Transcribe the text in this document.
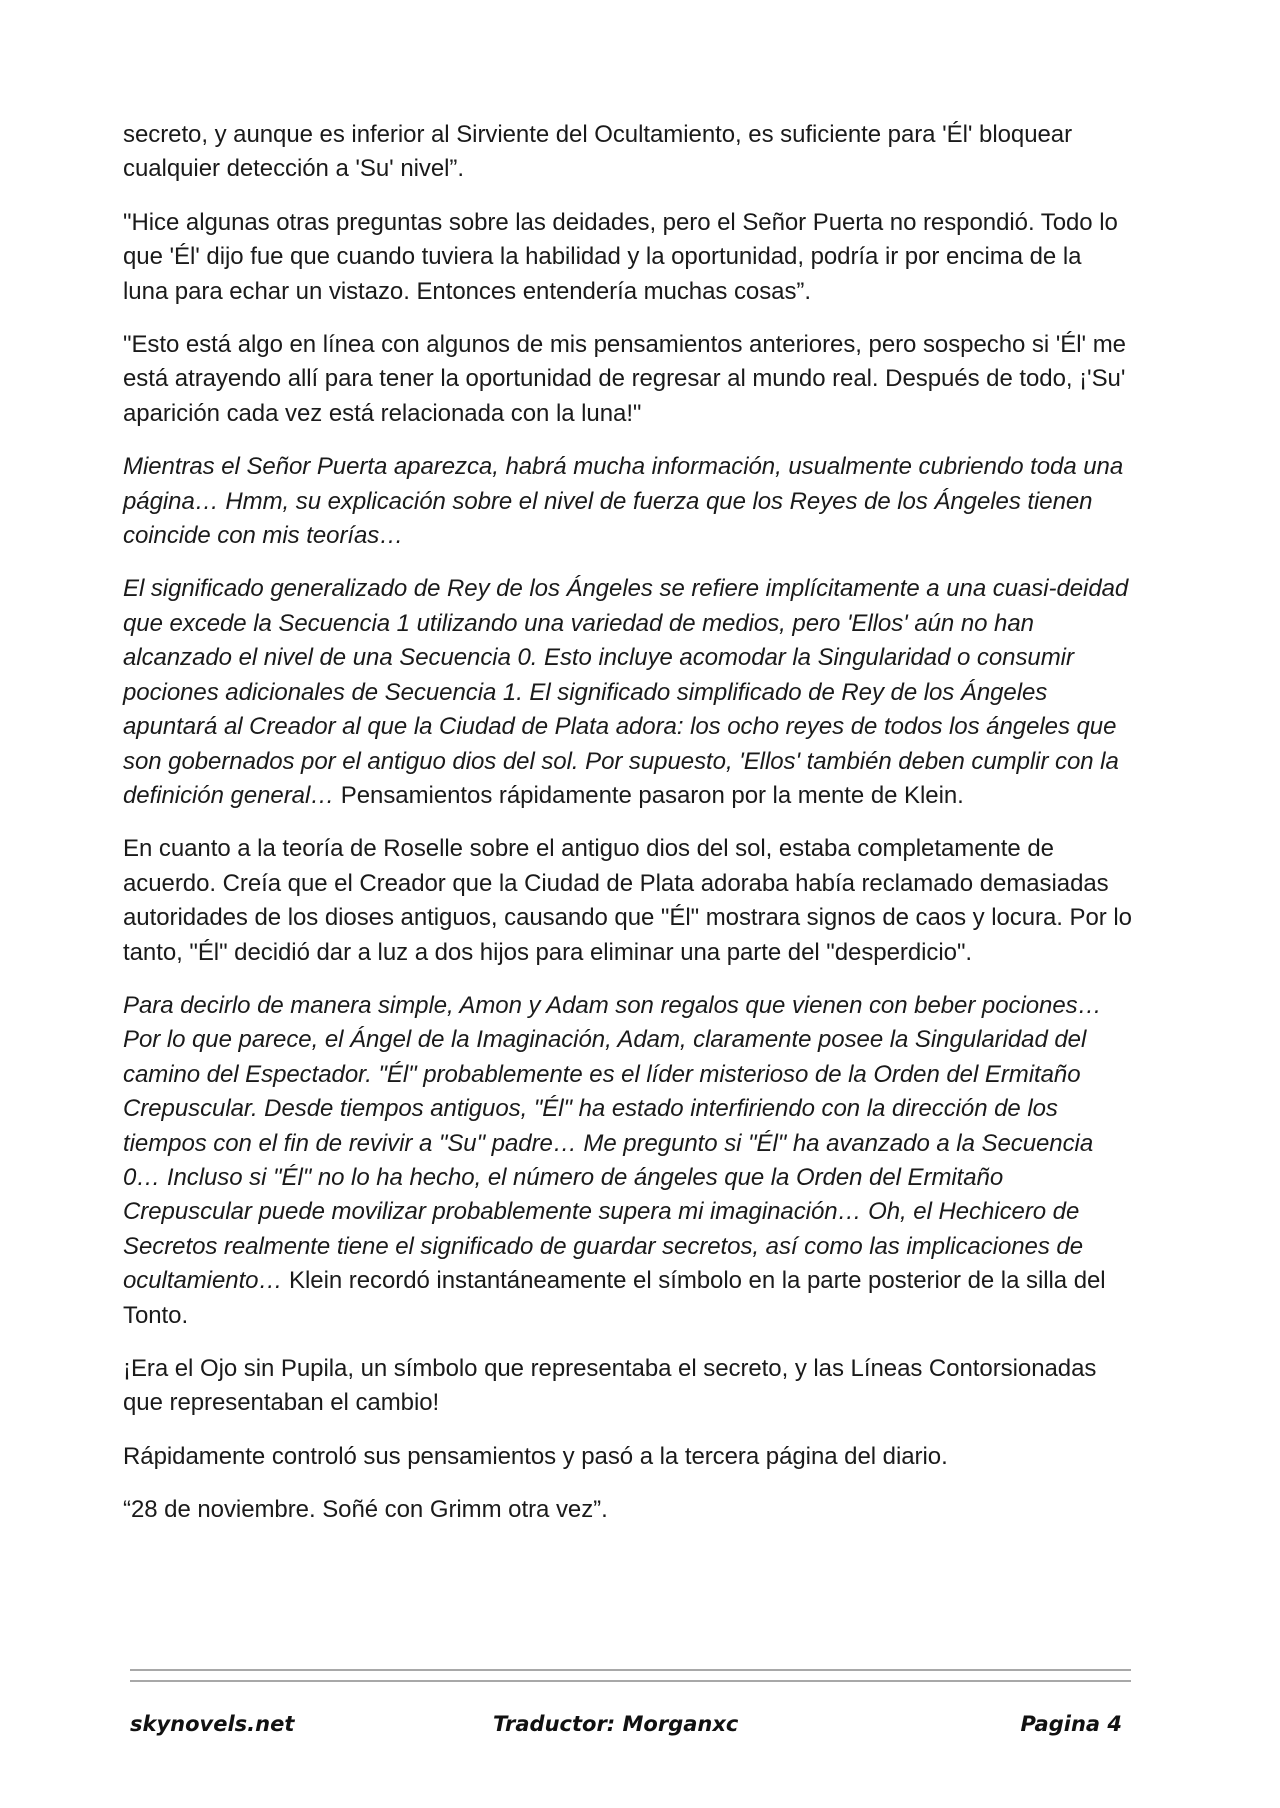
secreto, y aunque es inferior al Sirviente del Ocultamiento, es suficiente para 'Él' bloquear cualquier detección a 'Su' nivel”.

"Hice algunas otras preguntas sobre las deidades, pero el Señor Puerta no respondió. Todo lo que 'Él' dijo fue que cuando tuviera la habilidad y la oportunidad, podría ir por encima de la luna para echar un vistazo. Entonces entendería muchas cosas”.

"Esto está algo en línea con algunos de mis pensamientos anteriores, pero sospecho si 'Él' me está atrayendo allí para tener la oportunidad de regresar al mundo real. Después de todo, ¡'Su' aparición cada vez está relacionada con la luna!"

Mientras el Señor Puerta aparezca, habrá mucha información, usualmente cubriendo toda una página… Hmm, su explicación sobre el nivel de fuerza que los Reyes de los Ángeles tienen coincide con mis teorías…

El significado generalizado de Rey de los Ángeles se refiere implícitamente a una cuasi-deidad que excede la Secuencia 1 utilizando una variedad de medios, pero 'Ellos' aún no han alcanzado el nivel de una Secuencia 0. Esto incluye acomodar la Singularidad o consumir pociones adicionales de Secuencia 1. El significado simplificado de Rey de los Ángeles apuntará al Creador al que la Ciudad de Plata adora: los ocho reyes de todos los ángeles que son gobernados por el antiguo dios del sol. Por supuesto, 'Ellos' también deben cumplir con la definición general… Pensamientos rápidamente pasaron por la mente de Klein.

En cuanto a la teoría de Roselle sobre el antiguo dios del sol, estaba completamente de acuerdo. Creía que el Creador que la Ciudad de Plata adoraba había reclamado demasiadas autoridades de los dioses antiguos, causando que "Él" mostrara signos de caos y locura. Por lo tanto, "Él" decidió dar a luz a dos hijos para eliminar una parte del "desperdicio".

Para decirlo de manera simple, Amon y Adam son regalos que vienen con beber pociones… Por lo que parece, el Ángel de la Imaginación, Adam, claramente posee la Singularidad del camino del Espectador. "Él" probablemente es el líder misterioso de la Orden del Ermitaño Crepuscular. Desde tiempos antiguos, "Él" ha estado interfiriendo con la dirección de los tiempos con el fin de revivir a "Su" padre… Me pregunto si "Él" ha avanzado a la Secuencia 0… Incluso si "Él" no lo ha hecho, el número de ángeles que la Orden del Ermitaño Crepuscular puede movilizar probablemente supera mi imaginación… Oh, el Hechicero de Secretos realmente tiene el significado de guardar secretos, así como las implicaciones de ocultamiento… Klein recordó instantáneamente el símbolo en la parte posterior de la silla del Tonto.

¡Era el Ojo sin Pupila, un símbolo que representaba el secreto, y las Líneas Contorsionadas que representaban el cambio!

Rápidamente controló sus pensamientos y pasó a la tercera página del diario.

“28 de noviembre. Soñé con Grimm otra vez”.

skynovels.net	Traductor: Morganxc	Pagina 4
